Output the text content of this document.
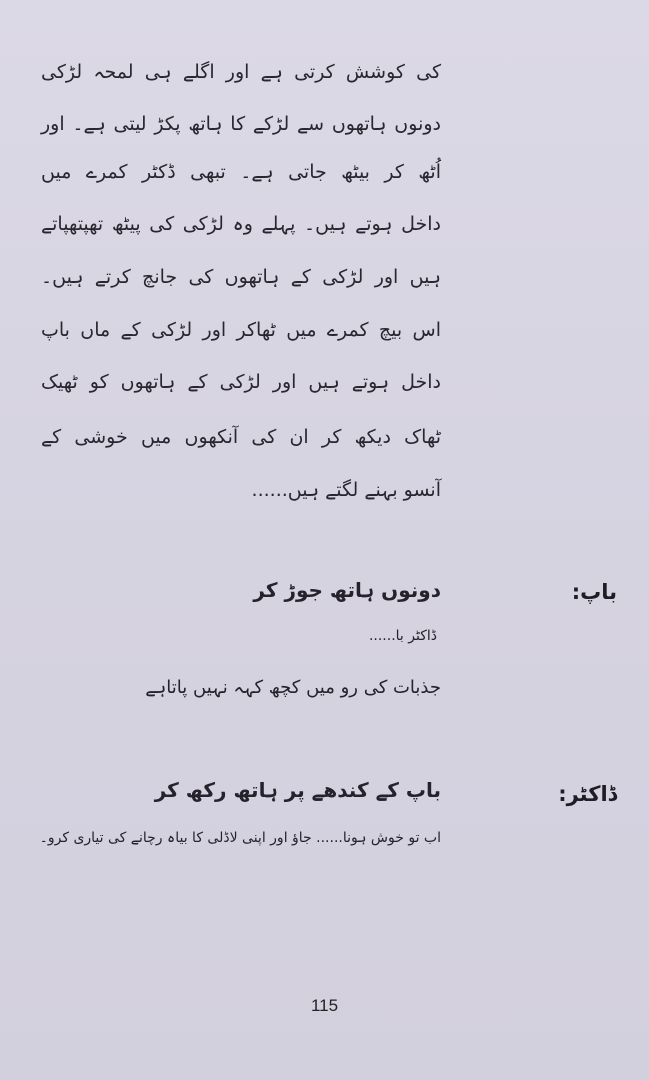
کی کوشش کرتی ہے اور اگلے ہی لمحہ لڑکی
دونوں ہاتھوں سے لڑکے کا ہاتھ پکڑ لیتی ہے۔ اور
اُٹھ کر بیٹھ جاتی ہے۔ تبھی ڈکٹر کمرے میں
داخل ہوتے ہیں۔ پہلے وہ لڑکی کی پیٹھ تھپتھپاتے
ہیں اور لڑکی کے ہاتھوں کی جانچ کرتے ہیں۔
اس بیچ کمرے میں ٹھاکر اور لڑکی کے ماں باپ
داخل ہوتے ہیں اور لڑکی کے ہاتھوں کو ٹھیک
ٹھاک دیکھ کر ان کی آنکھوں میں خوشی کے
آنسو بہنے لگتے ہیں......
باپ:
دونوں ہاتھ جوڑ کر
ڈاکٹر با......
جذبات کی رو میں کچھ کہہ نہیں پاتاہے
ڈاکٹر:
باپ کے کندھے پر ہاتھ رکھ کر
اب تو خوش ہونا...... جاؤ اور اپنی لاڈلی کا بیاہ رچانے کی تیاری کرو۔
115
